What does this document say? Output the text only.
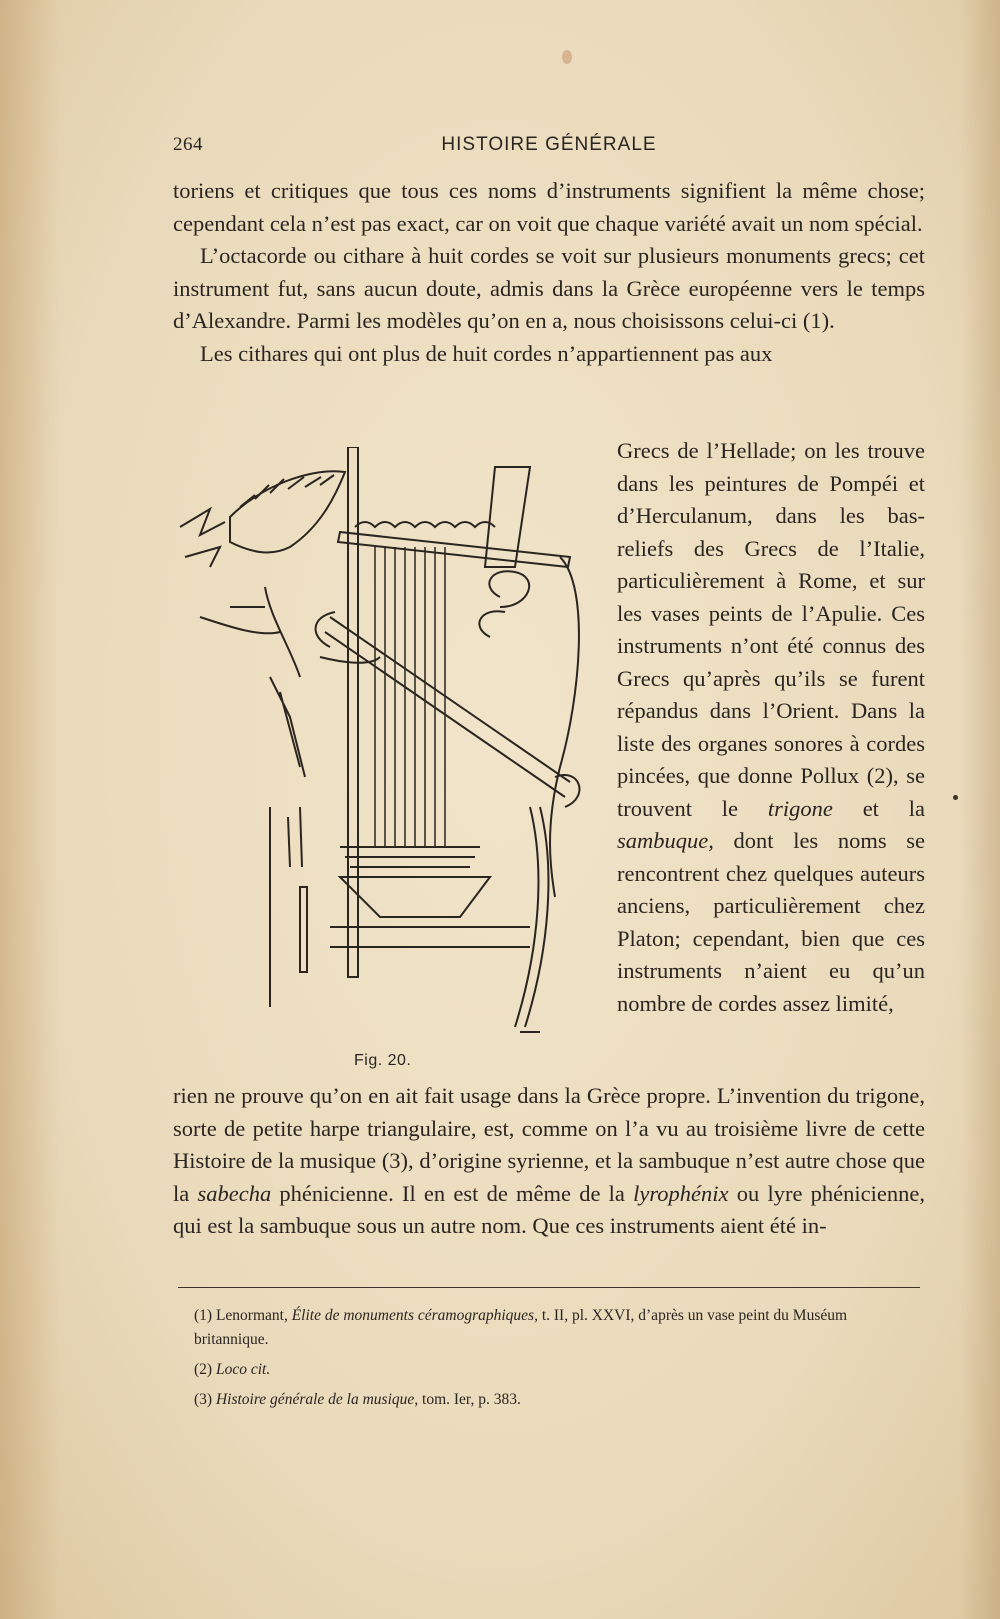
264	HISTOIRE GÉNÉRALE

toriens et critiques que tous ces noms d’instruments signifient la même chose; cependant cela n’est pas exact, car on voit que chaque variété avait un nom spécial.

L’octacorde ou cithare à huit cordes se voit sur plusieurs monuments grecs; cet instrument fut, sans aucun doute, admis dans la Grèce européenne vers le temps d’Alexandre. Parmi les modèles qu’on en a, nous choisissons celui-ci (1).

Les cithares qui ont plus de huit cordes n’appartiennent pas aux

Grecs de l’Hellade; on les trouve dans les peintures de Pompéi et d’Herculanum, dans les bas-reliefs des Grecs de l’Italie, particulièrement à Rome, et sur les vases peints de l’Apulie. Ces instruments n’ont été connus des Grecs qu’après qu’ils se furent répandus dans l’Orient. Dans la liste des organes sonores à cordes pincées, que donne Pollux (2), se trouvent le trigone et la sambuque, dont les noms se rencontrent chez quelques auteurs anciens, particulièrement chez Platon; cependant, bien que ces instruments n’aient eu qu’un nombre de cordes assez limité,
Fig. 20.
rien ne prouve qu’on en ait fait usage dans la Grèce propre. L’invention du trigone, sorte de petite harpe triangulaire, est, comme on l’a vu au troisième livre de cette Histoire de la musique (3), d’origine syrienne, et la sambuque n’est autre chose que la sabecha phénicienne. Il en est de même de la lyrophénix ou lyre phénicienne, qui est la sambuque sous un autre nom. Que ces instruments aient été in-

(1) Lenormant, Élite de monuments céramographiques, t. II, pl. XXVI, d’après un vase peint du Muséum britannique.

(2) Loco cit.

(3) Histoire générale de la musique, tom. Ier, p. 383.
